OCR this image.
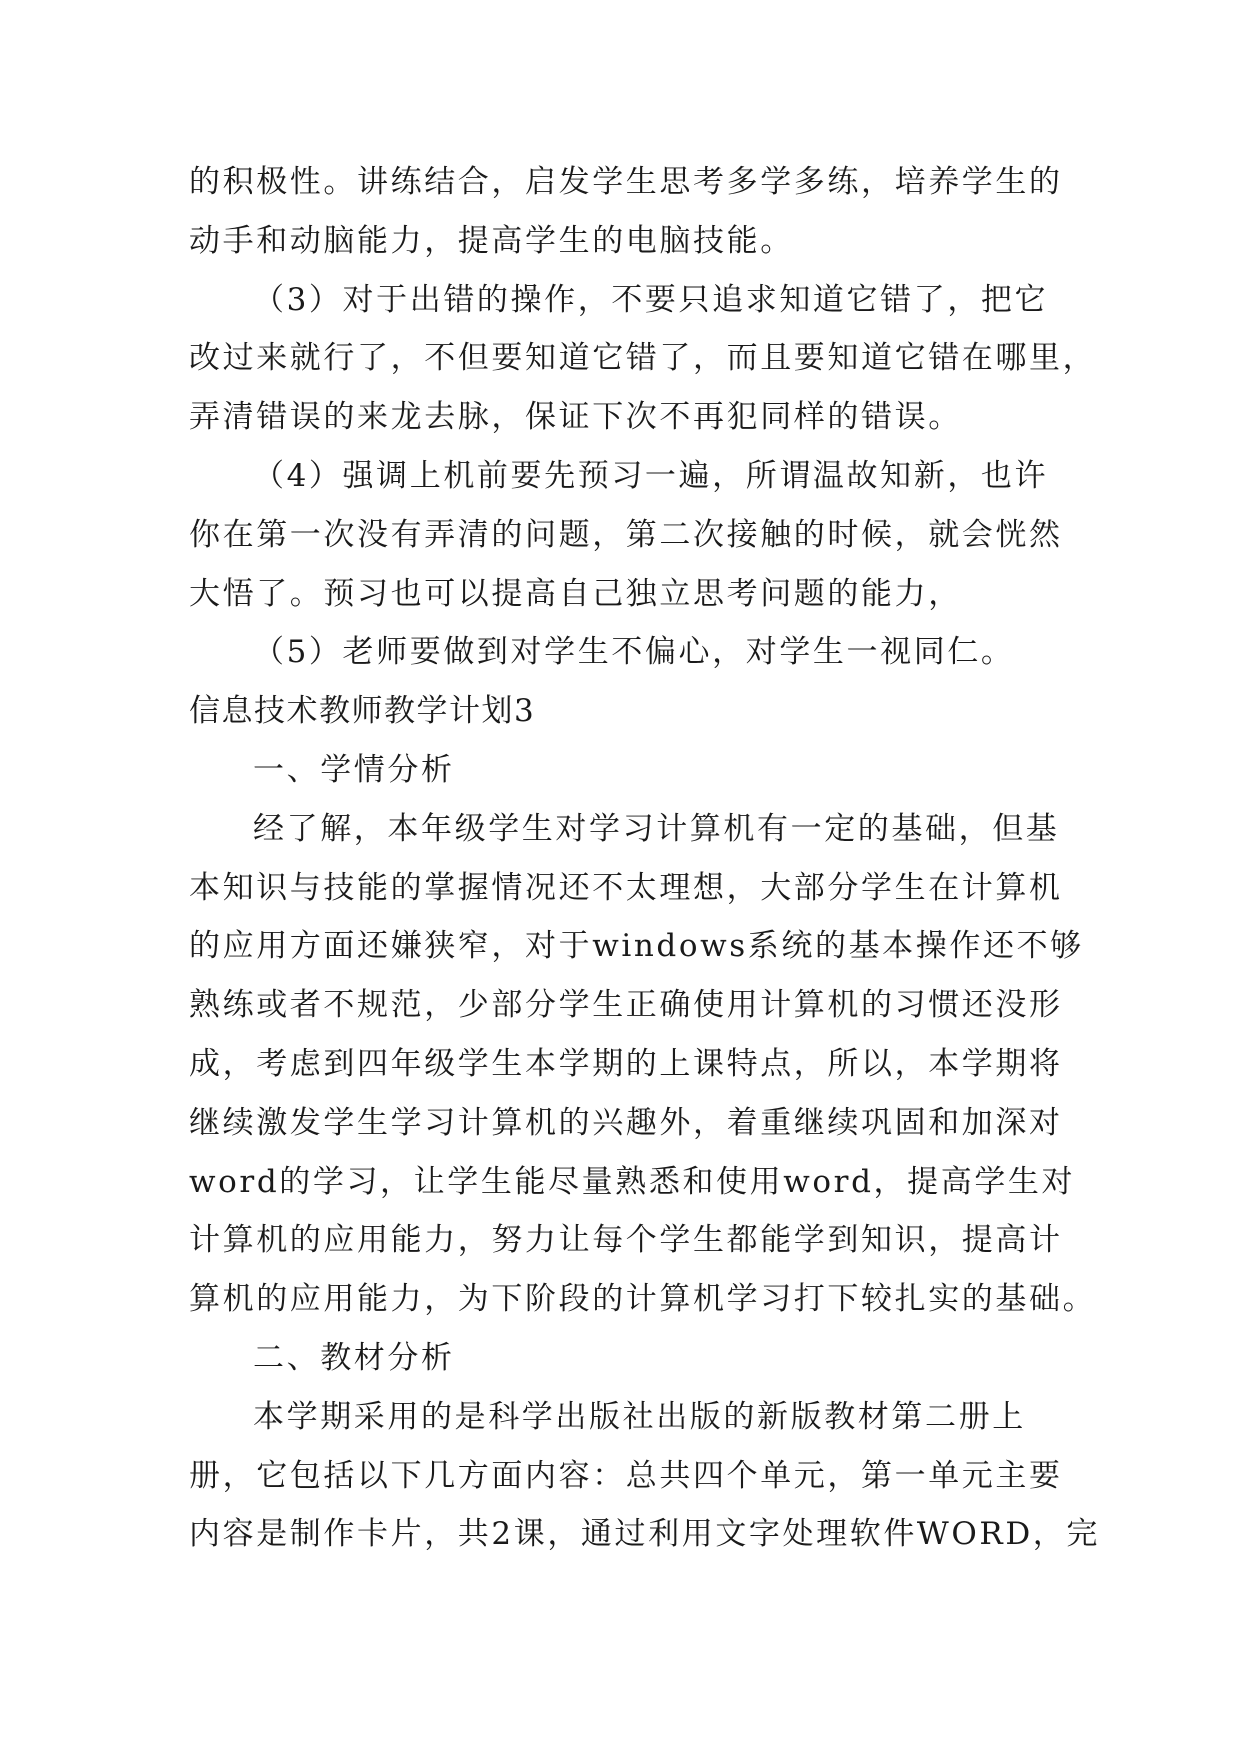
的积极性。讲练结合，启发学生思考多学多练，培养学生的
动手和动脑能力，提高学生的电脑技能。
（3）对于出错的操作，不要只追求知道它错了，把它
改过来就行了，不但要知道它错了，而且要知道它错在哪里，
弄清错误的来龙去脉，保证下次不再犯同样的错误。
（4）强调上机前要先预习一遍，所谓温故知新，也许
你在第一次没有弄清的问题，第二次接触的时候，就会恍然
大悟了。预习也可以提高自己独立思考问题的能力，
（5）老师要做到对学生不偏心，对学生一视同仁。
信息技术教师教学计划3
一、学情分析
经了解，本年级学生对学习计算机有一定的基础，但基
本知识与技能的掌握情况还不太理想，大部分学生在计算机
的应用方面还嫌狭窄，对于windows系统的基本操作还不够
熟练或者不规范，少部分学生正确使用计算机的习惯还没形
成，考虑到四年级学生本学期的上课特点，所以，本学期将
继续激发学生学习计算机的兴趣外，着重继续巩固和加深对
word的学习，让学生能尽量熟悉和使用word，提高学生对
计算机的应用能力，努力让每个学生都能学到知识，提高计
算机的应用能力，为下阶段的计算机学习打下较扎实的基础。
二、教材分析
本学期采用的是科学出版社出版的新版教材第二册上
册，它包括以下几方面内容：总共四个单元，第一单元主要
内容是制作卡片，共2课，通过利用文字处理软件WORD，完
